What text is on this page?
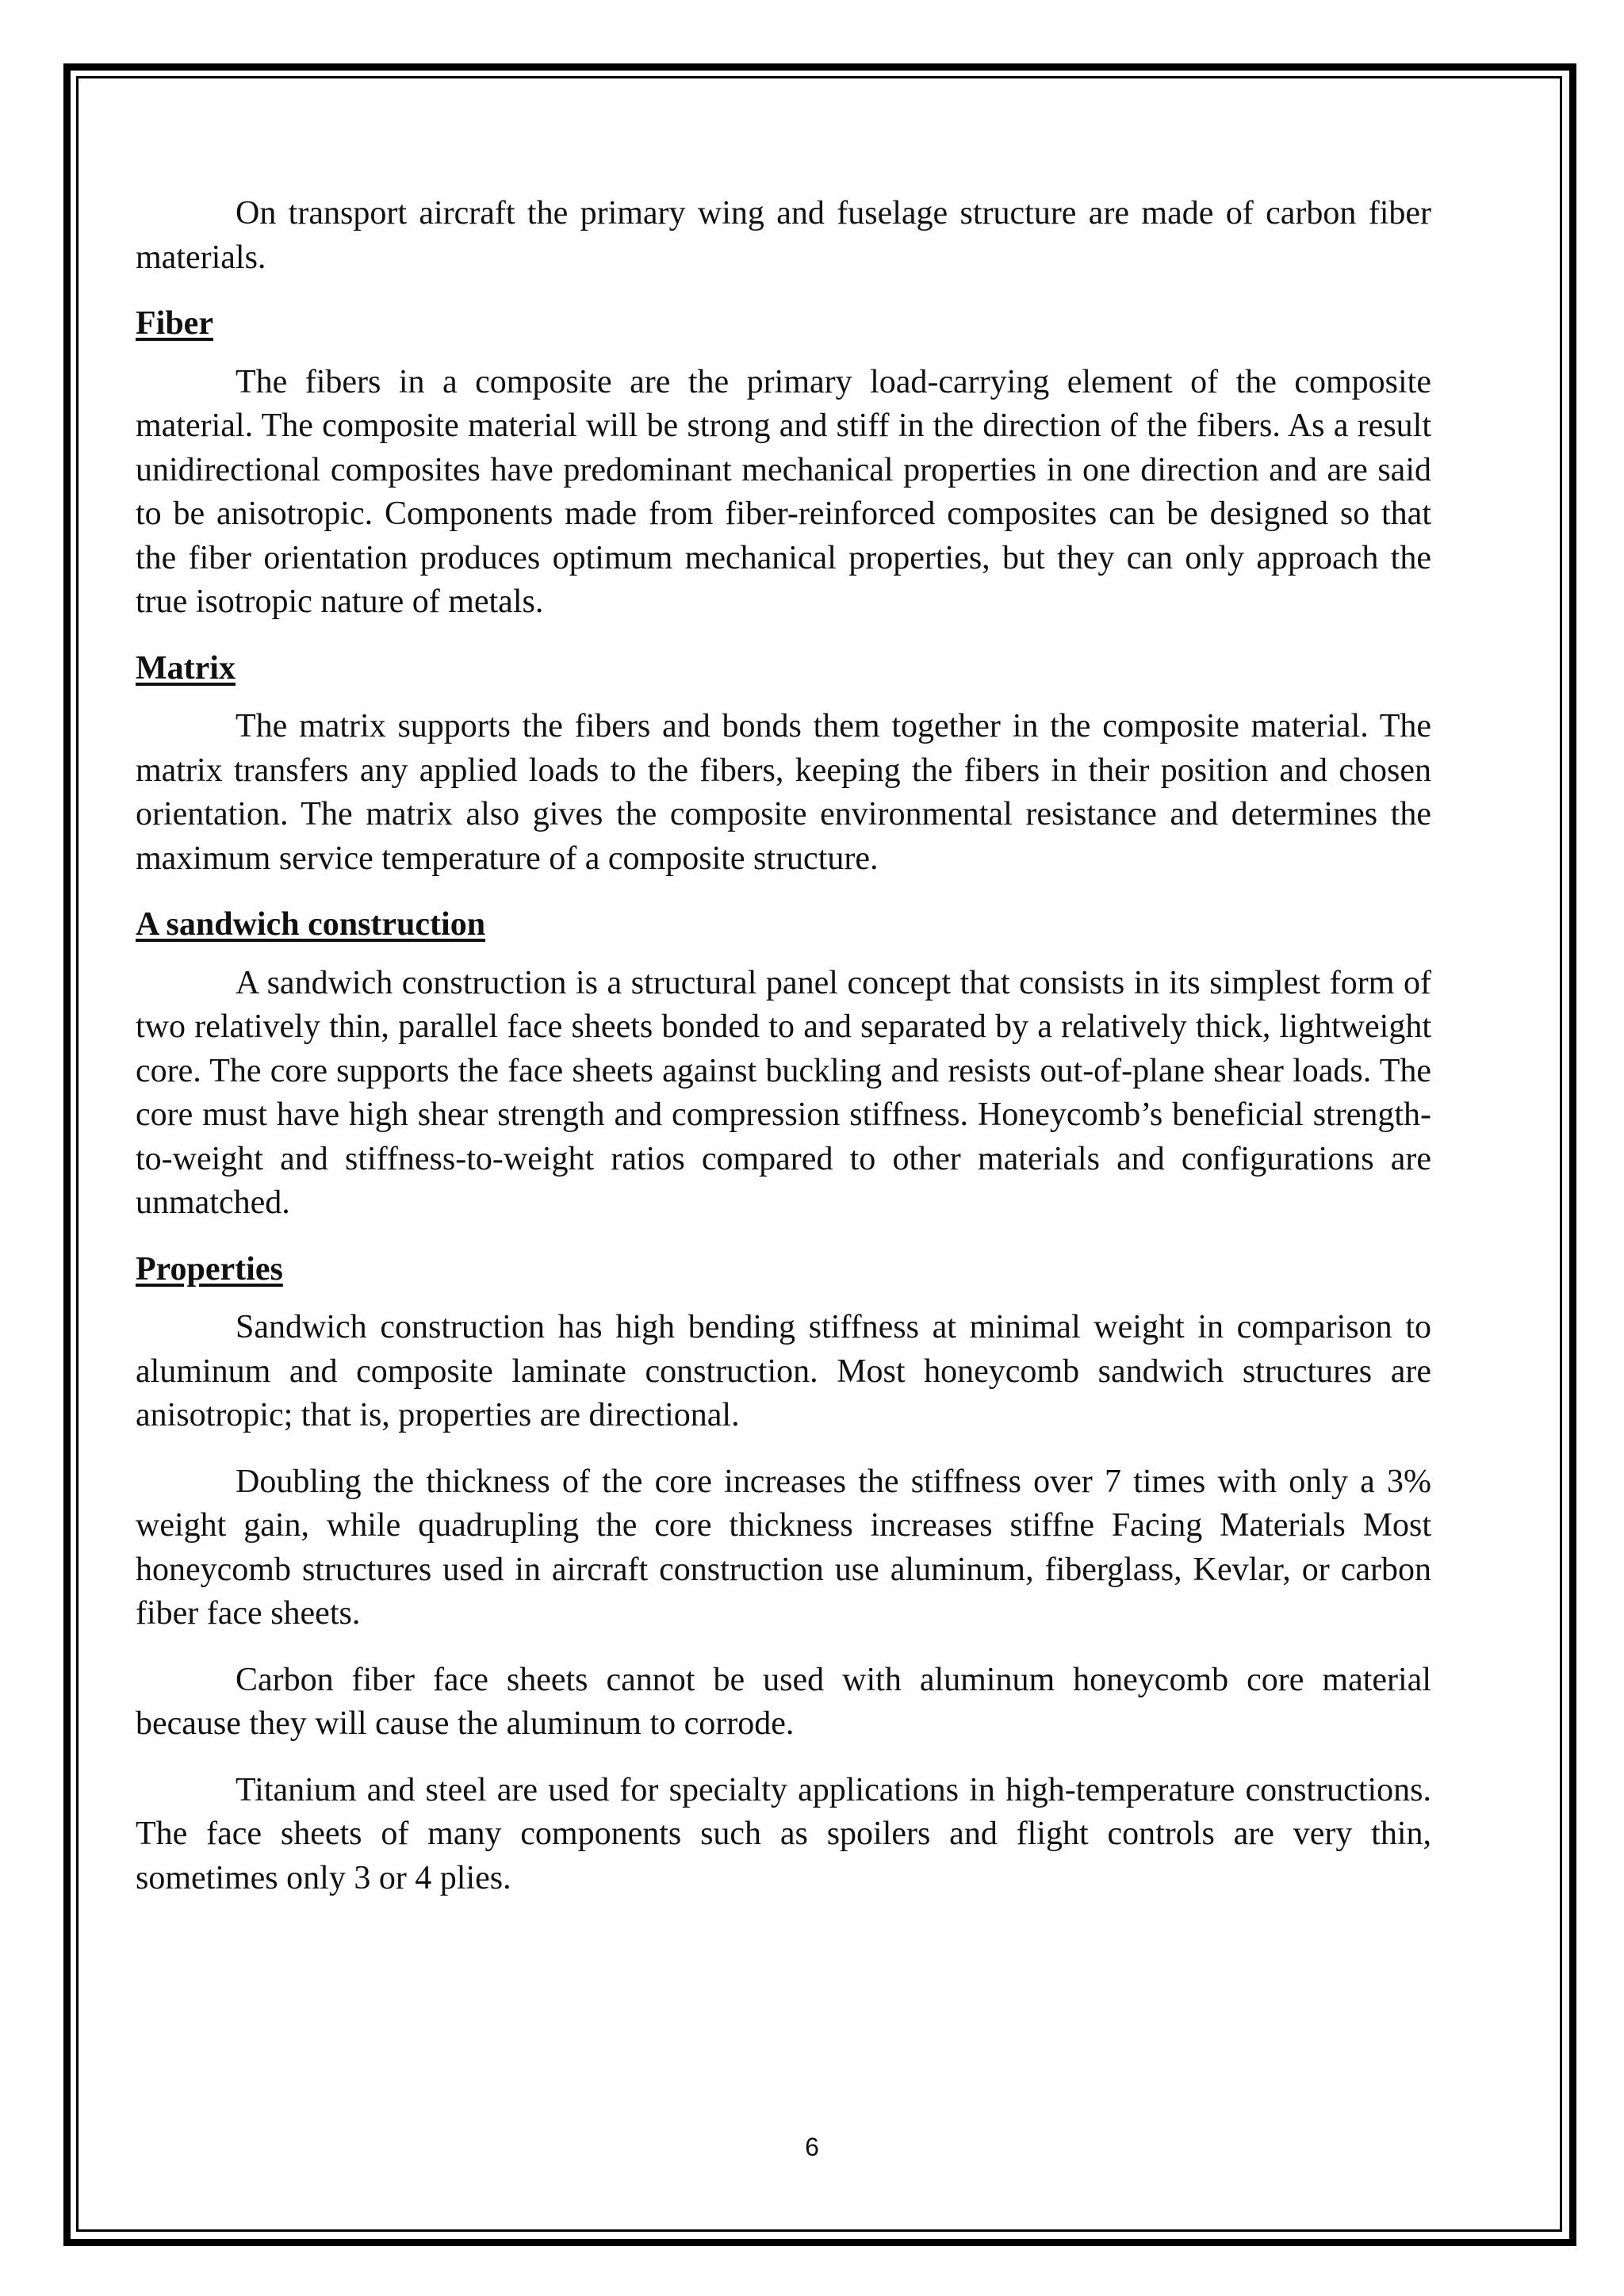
On transport aircraft the primary wing and fuselage structure are made of carbon fiber materials.

Fiber

The fibers in a composite are the primary load-carrying element of the composite material. The composite material will be strong and stiff in the direction of the fibers. As a result unidirectional composites have predominant mechanical properties in one direction and are said to be anisotropic. Components made from fiber-reinforced composites can be designed so that the fiber orientation produces optimum mechanical properties, but they can only approach the true isotropic nature of metals.

Matrix

The matrix supports the fibers and bonds them together in the composite material. The matrix transfers any applied loads to the fibers, keeping the fibers in their position and chosen orientation. The matrix also gives the composite environmental resistance and determines the maximum service temperature of a composite structure.

A sandwich construction

A sandwich construction is a structural panel concept that consists in its simplest form of two relatively thin, parallel face sheets bonded to and separated by a relatively thick, lightweight core. The core supports the face sheets against buckling and resists out-of-plane shear loads. The core must have high shear strength and compression stiffness. Honeycomb’s beneficial strength-to-weight and stiffness-to-weight ratios compared to other materials and configurations are unmatched.

Properties

Sandwich construction has high bending stiffness at minimal weight in comparison to aluminum and composite laminate construction. Most honeycomb sandwich structures are anisotropic; that is, properties are directional.

Doubling the thickness of the core increases the stiffness over 7 times with only a 3% weight gain, while quadrupling the core thickness increases stiffne Facing Materials Most honeycomb structures used in aircraft construction use aluminum, fiberglass, Kevlar, or carbon fiber face sheets.

Carbon fiber face sheets cannot be used with aluminum honeycomb core material because they will cause the aluminum to corrode.

Titanium and steel are used for specialty applications in high-temperature constructions. The face sheets of many components such as spoilers and flight controls are very thin, sometimes only 3 or 4 plies.

6
